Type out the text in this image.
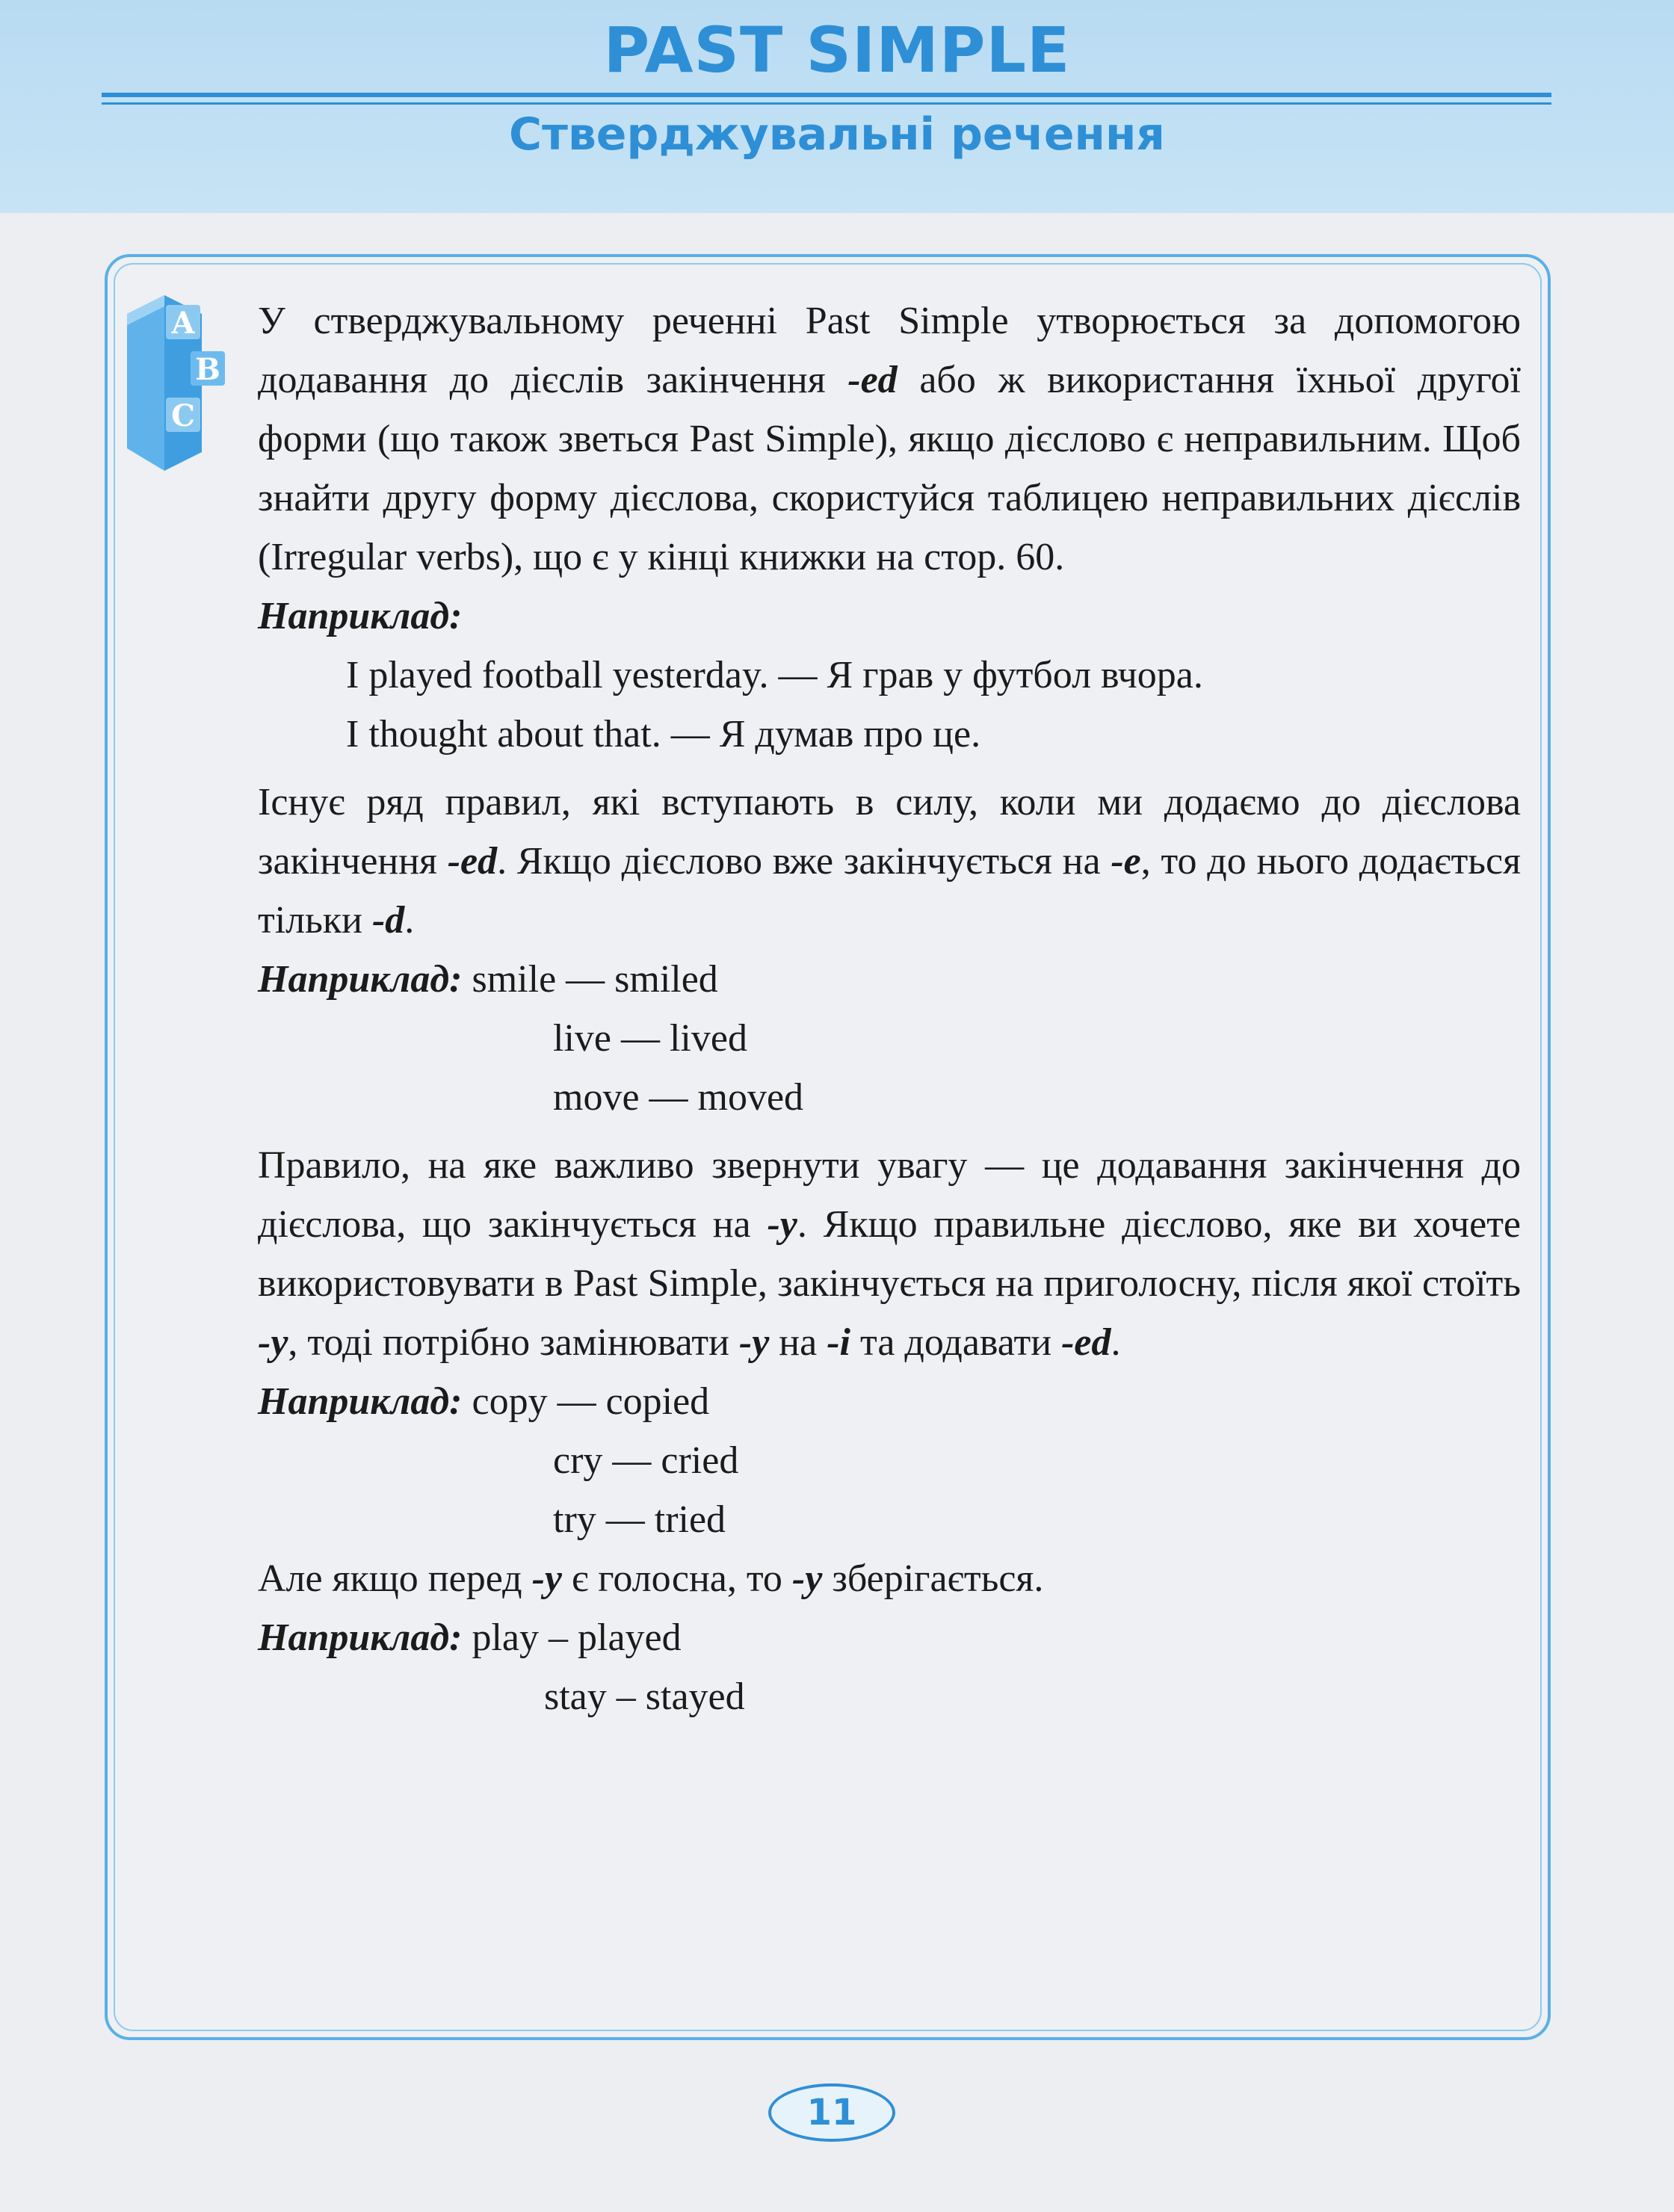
PAST SIMPLE
Стверджувальні речення
A
B
C
У стверджувальному реченні Past Simple утворюється за допомогою додавання до дієслів закінчення -ed або ж використання їхньої другої форми (що також зветься Past Simple), якщо дієслово є неправильним. Щоб знайти другу форму дієслова, скористуйся таблицею неправильних дієслів (Irregular verbs), що є у кінці книжки на стор. 60.
Наприклад:
I played football yesterday. — Я грав у футбол вчора.
I thought about that. — Я думав про це.
Існує ряд правил, які вступають в силу, коли ми додаємо до дієслова закінчення -ed. Якщо дієслово вже закінчується на -e, то до нього додається тільки -d.
Наприклад: smile — smiled
live — lived
move — moved
Правило, на яке важливо звернути увагу — це додавання закінчення до дієслова, що закінчується на -y. Якщо правильне дієслово, яке ви хочете використовувати в Past Simple, закінчується на приголосну, після якої стоїть -y, тоді потрібно замінювати -y на -i та додавати -ed.
Наприклад: copy — copied
cry — cried
try — tried
Але якщо перед -y є голосна, то -y зберігається.
Наприклад: play – played
stay – stayed
11
